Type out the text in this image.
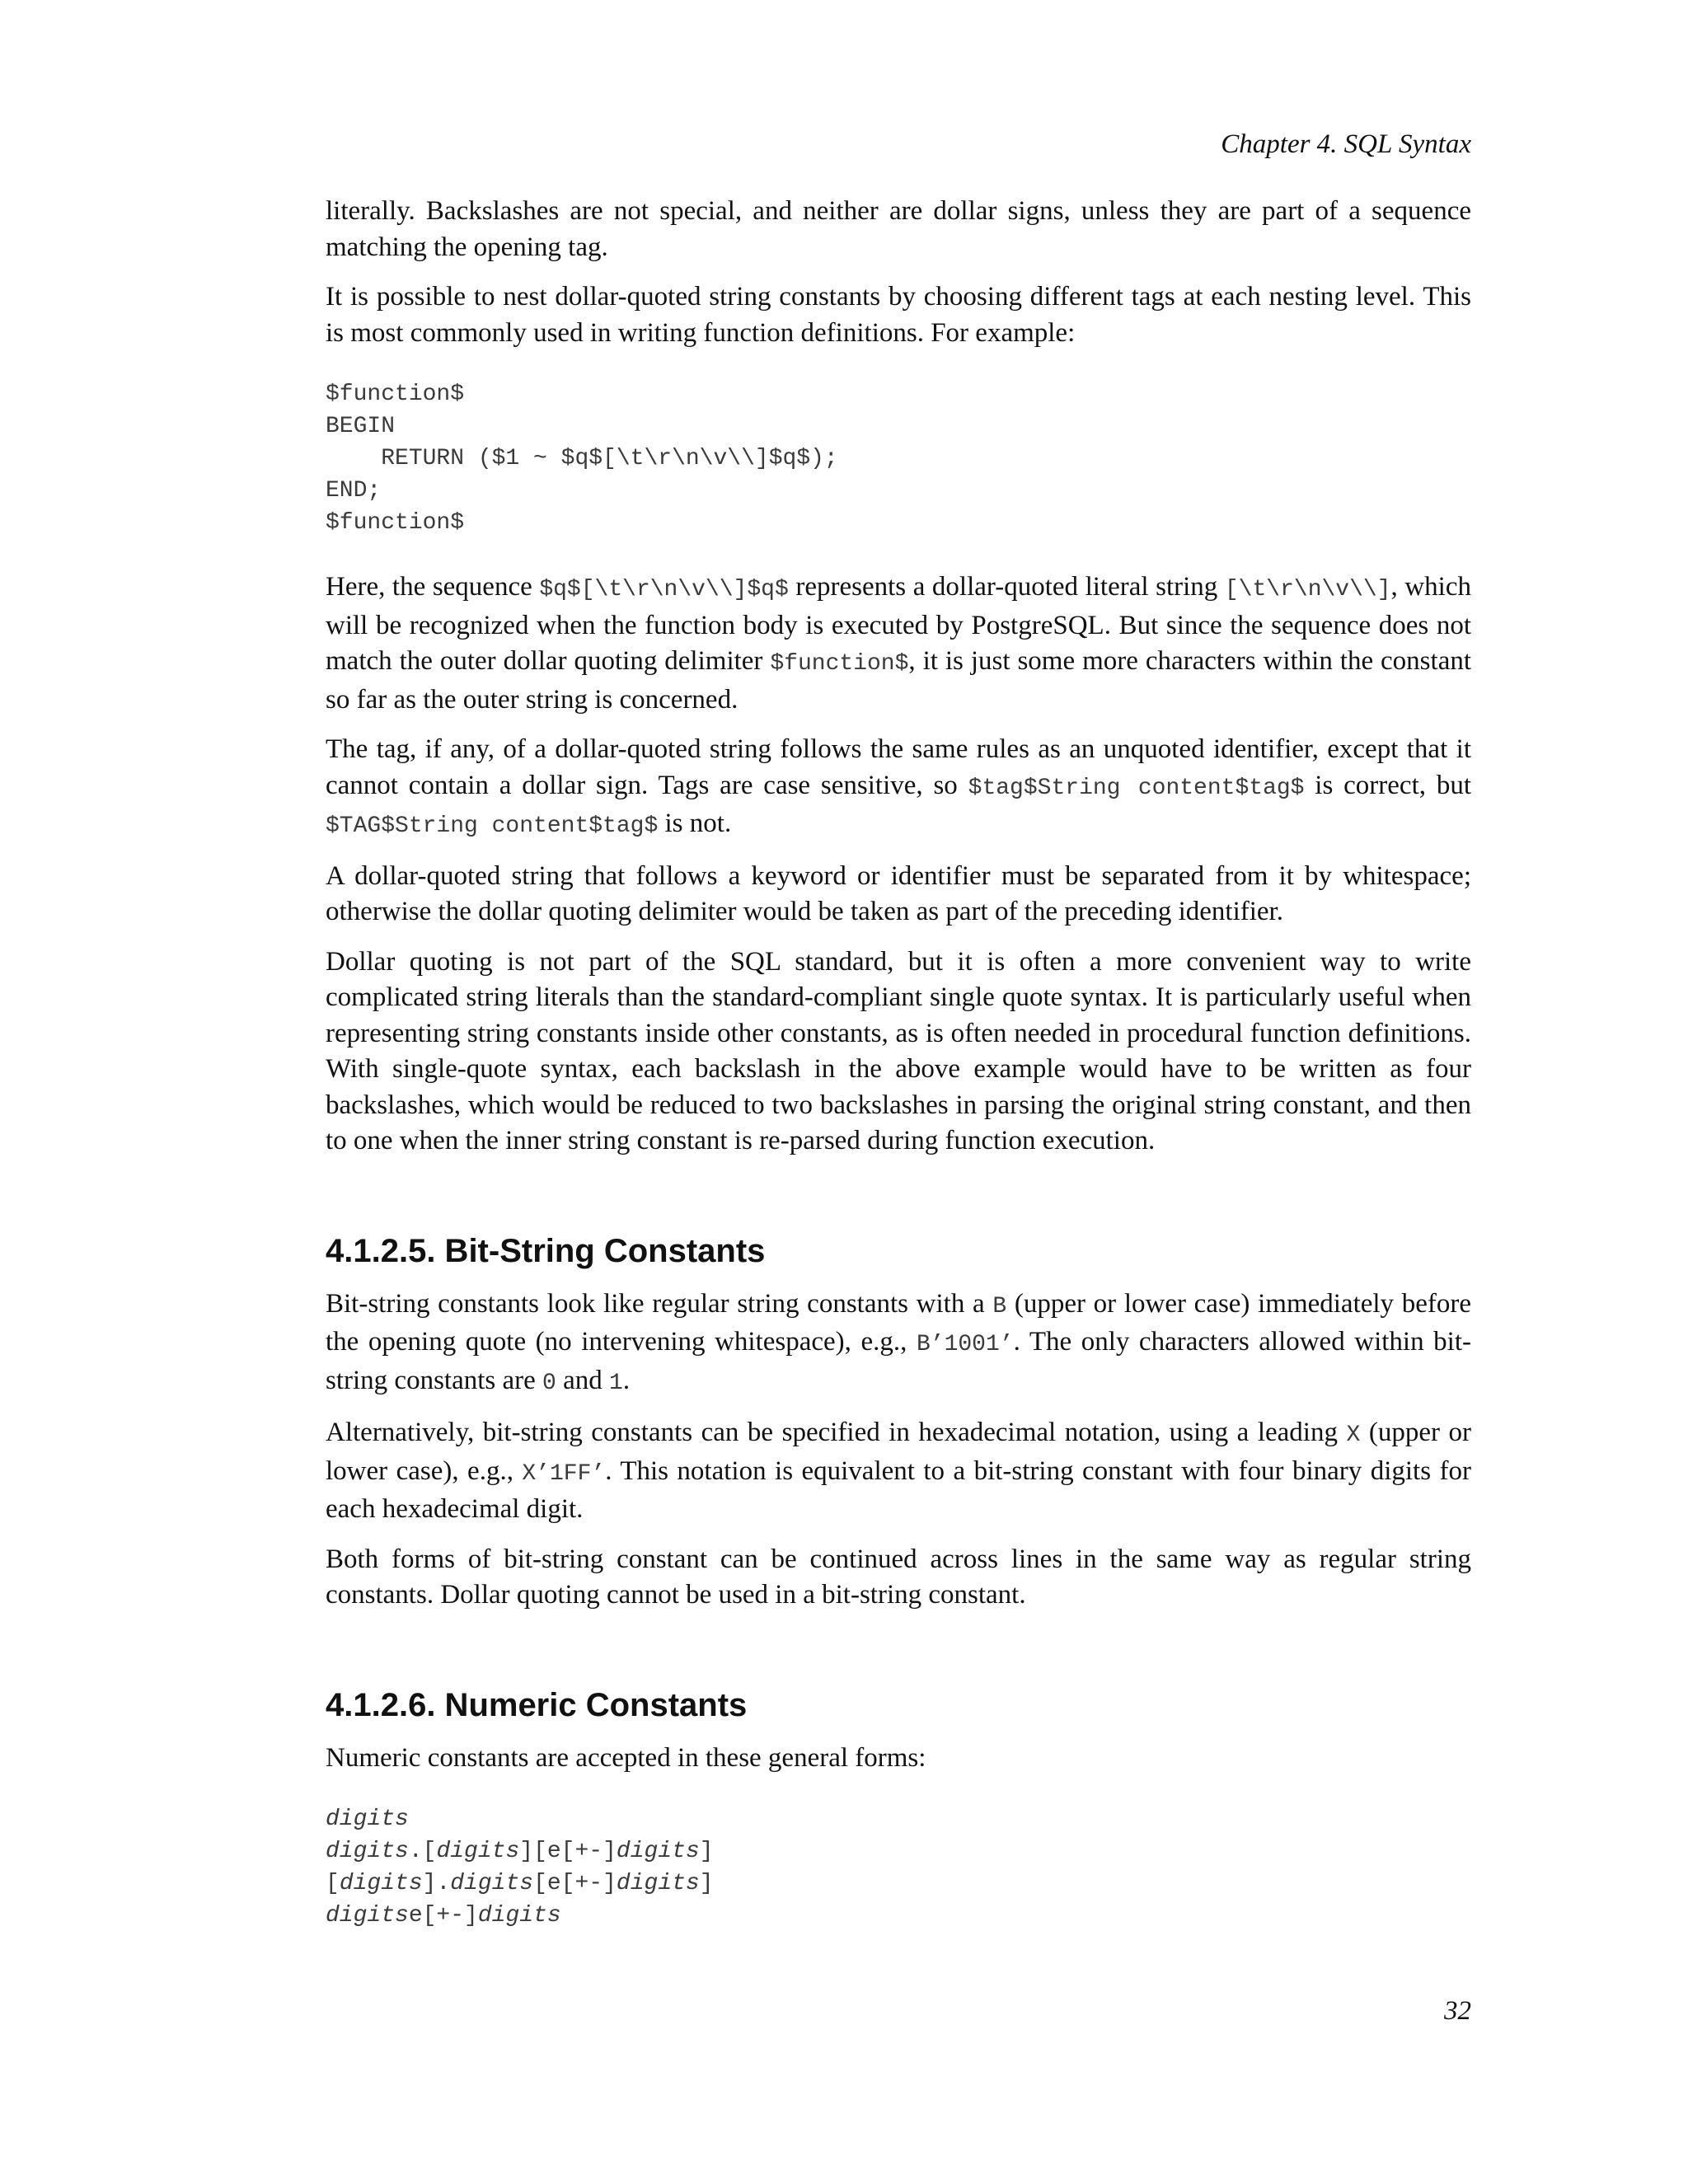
Chapter 4. SQL Syntax

literally. Backslashes are not special, and neither are dollar signs, unless they are part of a sequence matching the opening tag.

It is possible to nest dollar-quoted string constants by choosing different tags at each nesting level. This is most commonly used in writing function definitions. For example:

$function$
BEGIN
RETURN ($1 ~ $q$[\t\r\n\v\\]$q$);
END;
$function$

Here, the sequence $q$[\t\r\n\v\\]$q$ represents a dollar-quoted literal string [\t\r\n\v\\], which will be recognized when the function body is executed by PostgreSQL. But since the sequence does not match the outer dollar quoting delimiter $function$, it is just some more characters within the constant so far as the outer string is concerned.

The tag, if any, of a dollar-quoted string follows the same rules as an unquoted identifier, except that it cannot contain a dollar sign. Tags are case sensitive, so $tag$String content$tag$ is correct, but $TAG$String content$tag$ is not.

A dollar-quoted string that follows a keyword or identifier must be separated from it by whitespace; otherwise the dollar quoting delimiter would be taken as part of the preceding identifier.

Dollar quoting is not part of the SQL standard, but it is often a more convenient way to write complicated string literals than the standard-compliant single quote syntax. It is particularly useful when representing string constants inside other constants, as is often needed in procedural function definitions. With single-quote syntax, each backslash in the above example would have to be written as four backslashes, which would be reduced to two backslashes in parsing the original string constant, and then to one when the inner string constant is re-parsed during function execution.

4.1.2.5. Bit-String Constants

Bit-string constants look like regular string constants with a B (upper or lower case) immediately before the opening quote (no intervening whitespace), e.g., B’1001’. The only characters allowed within bit-string constants are 0 and 1.

Alternatively, bit-string constants can be specified in hexadecimal notation, using a leading X (upper or lower case), e.g., X’1FF’. This notation is equivalent to a bit-string constant with four binary digits for each hexadecimal digit.

Both forms of bit-string constant can be continued across lines in the same way as regular string constants. Dollar quoting cannot be used in a bit-string constant.

4.1.2.6. Numeric Constants

Numeric constants are accepted in these general forms:

digits
digits.[digits][e[+-]digits]
[digits].digits[e[+-]digits]
digitse[+-]digits
32
